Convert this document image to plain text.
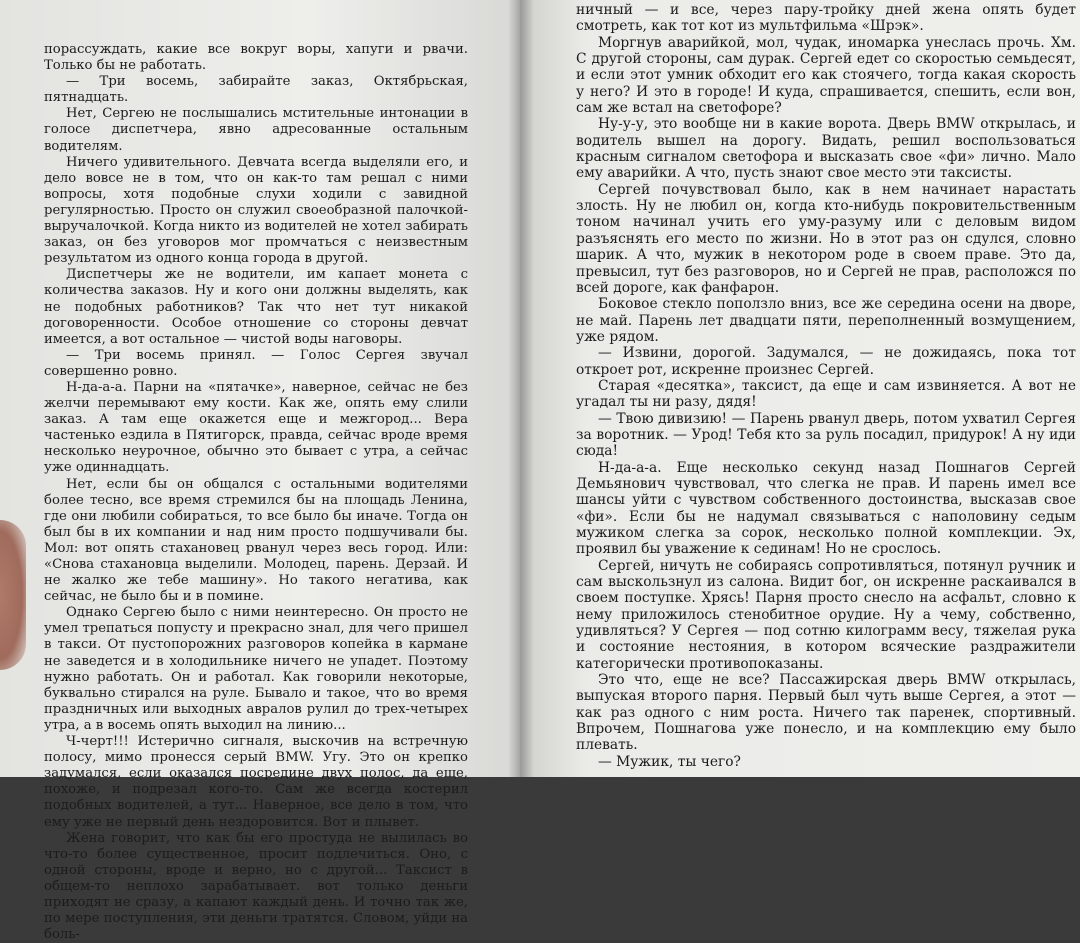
порассуждать, какие все вокруг воры, хапуги и рвачи. Только бы не работать.

— Три восемь, забирайте заказ, Октябрьская, пятнадцать.

Нет, Сергею не послышались мстительные интонации в голосе диспетчера, явно адресованные остальным водителям.

Ничего удивительного. Девчата всегда выделяли его, и дело вовсе не в том, что он как-то там решал с ними вопросы, хотя подобные слухи ходили с завидной регулярностью. Просто он служил своеобразной палочкой-выручалочкой. Когда никто из водителей не хотел забирать заказ, он без уговоров мог промчаться с неизвестным результатом из одного конца города в другой.

Диспетчеры же не водители, им капает монета с количества заказов. Ну и кого они должны выделять, как не подобных работников? Так что нет тут никакой договоренности. Особое отношение со стороны девчат имеется, а вот остальное — чистой воды наговоры.

— Три восемь принял. — Голос Сергея звучал совершенно ровно.

Н-да-а-а. Парни на «пятачке», наверное, сейчас не без желчи перемывают ему кости. Как же, опять ему слили заказ. А там еще окажется еще и межгород... Вера частенько ездила в Пятигорск, правда, сейчас вроде время несколько неурочное, обычно это бывает с утра, а сейчас уже одиннадцать.

Нет, если бы он общался с остальными водителями более тесно, все время стремился бы на площадь Ленина, где они любили собираться, то все было бы иначе. Тогда он был бы в их компании и над ним просто подшучивали бы. Мол: вот опять стахановец рванул через весь город. Или: «Снова стахановца выделили. Молодец, парень. Дерзай. И не жалко же тебе машину». Но такого негатива, как сейчас, не было бы и в помине.

Однако Сергею было с ними неинтересно. Он просто не умел трепаться попусту и прекрасно знал, для чего пришел в такси. От пустопорожних разговоров копейка в кармане не заведется и в холодильнике ничего не упадет. Поэтому нужно работать. Он и работал. Как говорили некоторые, буквально стирался на руле. Бывало и такое, что во время праздничных или выходных авралов рулил до трех-четырех утра, а в восемь опять выходил на линию...

Ч-черт!!! Истерично сигналя, выскочив на встречную полосу, мимо пронесся серый BMW. Угу. Это он крепко задумался, если оказался посредине двух полос, да еще, похоже, и подрезал кого-то. Сам же всегда костерил подобных водителей, а тут... Наверное, все дело в том, что ему уже не первый день нездоровится. Вот и плывет.

Жена говорит, что как бы его простуда не вылилась во что-то более существенное, просит подлечиться. Оно, с одной стороны, вроде и верно, но с другой... Таксист в общем-то неплохо зарабатывает. вот только деньги приходят не сразу, а капают каждый день. И точно так же, по мере поступления, эти деньги тратятся. Словом, уйди на боль-

ничный — и все, через пару-тройку дней жена опять будет смотреть, как тот кот из мультфильма «Шрэк».

Моргнув аварийкой, мол, чудак, иномарка унеслась прочь. Хм. С другой стороны, сам дурак. Сергей едет со скоростью семьдесят, и если этот умник обходит его как стоячего, тогда какая скорость у него? И это в городе! И куда, спрашивается, спешить, если вон, сам же встал на светофоре?

Ну-у-у, это вообще ни в какие ворота. Дверь BMW открылась, и водитель вышел на дорогу. Видать, решил воспользоваться красным сигналом светофора и высказать свое «фи» лично. Мало ему аварийки. А что, пусть знают свое место эти таксисты.

Сергей почувствовал было, как в нем начинает нарастать злость. Ну не любил он, когда кто-нибудь покровительственным тоном начинал учить его уму-разуму или с деловым видом разъяснять его место по жизни. Но в этот раз он сдулся, словно шарик. А что, мужик в некотором роде в своем праве. Это да, превысил, тут без разговоров, но и Сергей не прав, расположся по всей дороге, как фанфарон.

Боковое стекло поползло вниз, все же середина осени на дворе, не май. Парень лет двадцати пяти, переполненный возмущением, уже рядом.

— Извини, дорогой. Задумался, — не дожидаясь, пока тот откроет рот, искренне произнес Сергей.

Старая «десятка», таксист, да еще и сам извиняется. А вот не угадал ты ни разу, дядя!

— Твою дивизию! — Парень рванул дверь, потом ухватил Сергея за воротник. — Урод! Тебя кто за руль посадил, придурок! А ну иди сюда!

Н-да-а-а. Еще несколько секунд назад Пошнагов Сергей Демьянович чувствовал, что слегка не прав. И парень имел все шансы уйти с чувством собственного достоинства, высказав свое «фи». Если бы не надумал связываться с наполовину седым мужиком слегка за сорок, несколько полной комплекции. Эх, проявил бы уважение к сединам! Но не срослось.

Сергей, ничуть не собираясь сопротивляться, потянул ручник и сам выскользнул из салона. Видит бог, он искренне раскаивался в своем поступке. Хрясь! Парня просто снесло на асфальт, словно к нему приложилось стенобитное орудие. Ну а чему, собственно, удивляться? У Сергея — под сотню килограмм весу, тяжелая рука и состояние нестояния, в котором всяческие раздражители категорически противопоказаны.

Это что, еще не все? Пассажирская дверь BMW открылась, выпуская второго парня. Первый был чуть выше Сергея, а этот — как раз одного с ним роста. Ничего так паренек, спортивный. Впрочем, Пошнагова уже понесло, и на комплекцию ему было плевать.

— Мужик, ты чего?
